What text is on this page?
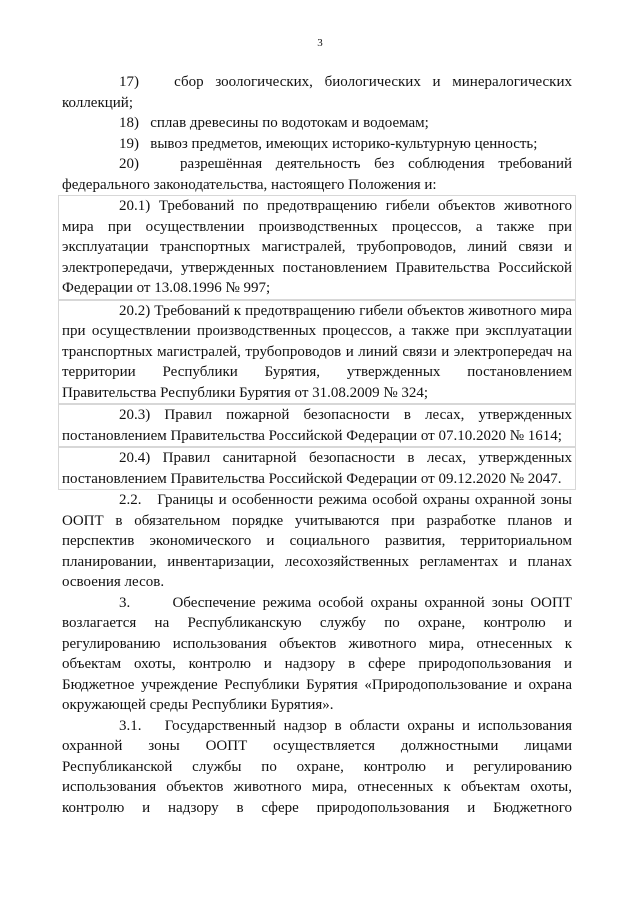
3

17)   сбор зоологических, биологических и минералогических коллекций;

18)   сплав древесины по водотокам и водоемам;

19)   вывоз предметов, имеющих историко-культурную ценность;

20)   разрешённая деятельность без соблюдения требований федерального законодательства, настоящего Положения и:

20.1) Требований по предотвращению гибели объектов животного мира при осуществлении производственных процессов, а также при эксплуатации транспортных магистралей, трубопроводов, линий связи и электропередачи, утвержденных постановлением Правительства Российской Федерации от 13.08.1996 № 997;

20.2) Требований к предотвращению гибели объектов животного мира при осуществлении производственных процессов, а также при эксплуатации транспортных магистралей, трубопроводов и линий связи и электропередач на территории Республики Бурятия, утвержденных постановлением Правительства Республики Бурятия от 31.08.2009 № 324;

20.3) Правил пожарной безопасности в лесах, утвержденных постановлением Правительства Российской Федерации от 07.10.2020 № 1614;

20.4) Правил санитарной безопасности в лесах, утвержденных постановлением Правительства Российской Федерации от 09.12.2020 № 2047.

2.2.   Границы и особенности режима особой охраны охранной зоны ООПТ в обязательном порядке учитываются при разработке планов и перспектив экономического и социального развития, территориальном планировании, инвентаризации, лесохозяйственных регламентах и планах освоения лесов.

3.      Обеспечение режима особой охраны охранной зоны ООПТ возлагается на Республиканскую службу по охране, контролю и регулированию использования объектов животного мира, отнесенных к объектам охоты, контролю и надзору в сфере природопользования и Бюджетное учреждение Республики Бурятия «Природопользование и охрана окружающей среды Республики Бурятия».

3.1.   Государственный надзор в области охраны и использования охранной зоны ООПТ осуществляется должностными лицами Республиканской службы по охране, контролю и регулированию использования объектов животного мира, отнесенных к объектам охоты, контролю и надзору в сфере природопользования и Бюджетного
